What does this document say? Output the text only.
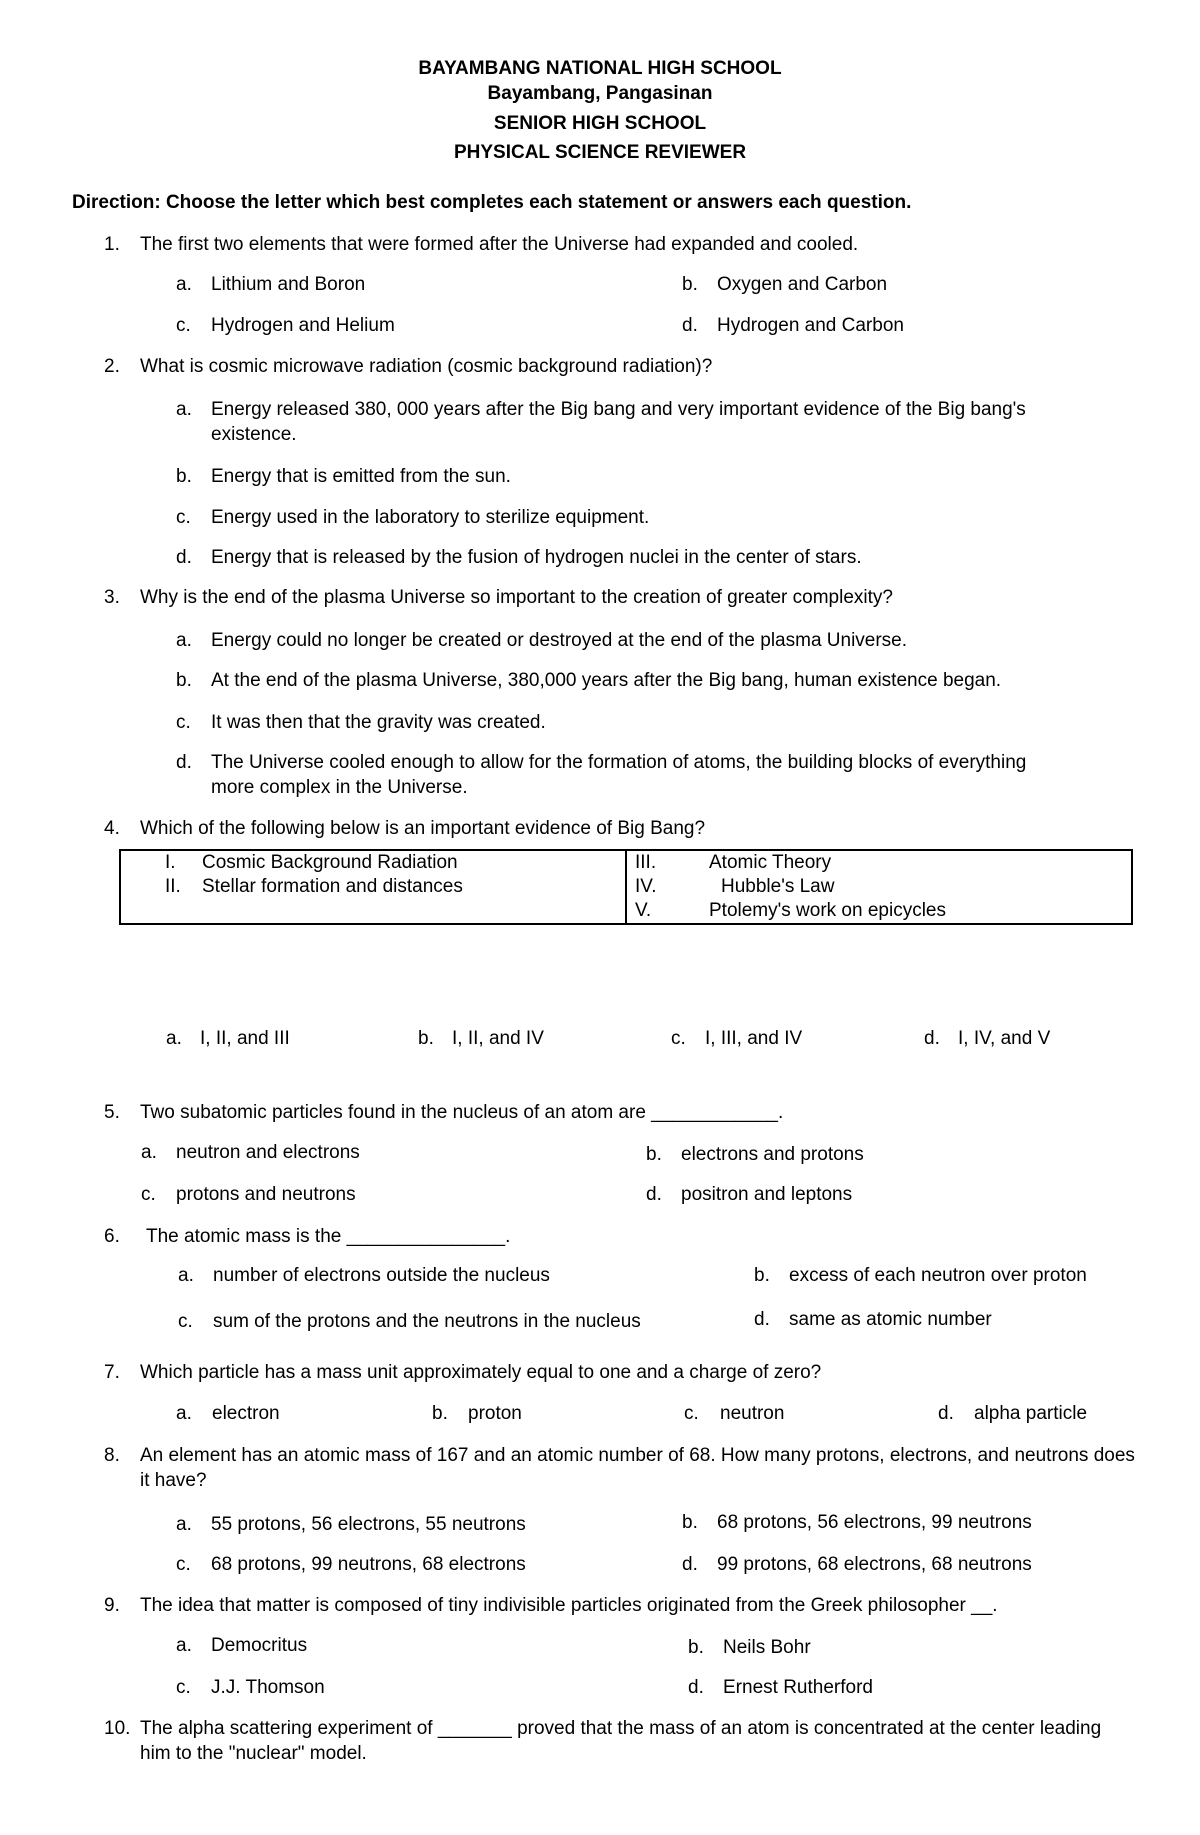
BAYAMBANG NATIONAL HIGH SCHOOL
Bayambang, Pangasinan
SENIOR HIGH SCHOOL
PHYSICAL SCIENCE REVIEWER
Direction: Choose the letter which best completes each statement or answers each question.
1. The first two elements that were formed after the Universe had expanded and cooled.
a. Lithium and Boron	b. Oxygen and Carbon
c. Hydrogen and Helium	d. Hydrogen and Carbon
2. What is cosmic microwave radiation (cosmic background radiation)?
a. Energy released 380, 000 years after the Big bang and very important evidence of the Big bang's existence.
b. Energy that is emitted from the sun.
c. Energy used in the laboratory to sterilize equipment.
d. Energy that is released by the fusion of hydrogen nuclei in the center of stars.
3. Why is the end of the plasma Universe so important to the creation of greater complexity?
a. Energy could no longer be created or destroyed at the end of the plasma Universe.
b. At the end of the plasma Universe, 380,000 years after the Big bang, human existence began.
c. It was then that the gravity was created.
d. The Universe cooled enough to allow for the formation of atoms, the building blocks of everything more complex in the Universe.
4. Which of the following below is an important evidence of Big Bang?
I. Cosmic Background Radiation
II. Stellar formation and distances

III.	Atomic Theory
IV.	Hubble's Law
V.	Ptolemy's work on epicycles
a. I, II, and III	b. I, II, and IV	c. I, III, and IV	d. I, IV, and V
5. Two subatomic particles found in the nucleus of an atom are ____________.
a. neutron and electrons	b. electrons and protons
c. protons and neutrons	d. positron and leptons
6. The atomic mass is the _______________.
a. number of electrons outside the nucleus	b. excess of each neutron over proton
c. sum of the protons and the neutrons in the nucleus	d. same as atomic number
7. Which particle has a mass unit approximately equal to one and a charge of zero?
a. electron	b. proton	c. neutron	d. alpha particle
8. An element has an atomic mass of 167 and an atomic number of 68. How many protons, electrons, and neutrons does it have?
a. 55 protons, 56 electrons, 55 neutrons	b. 68 protons, 56 electrons, 99 neutrons
c. 68 protons, 99 neutrons, 68 electrons	d. 99 protons, 68 electrons, 68 neutrons
9. The idea that matter is composed of tiny indivisible particles originated from the Greek philosopher __.
a. Democritus	b. Neils Bohr
c. J.J. Thomson	d. Ernest Rutherford
10. The alpha scattering experiment of _______ proved that the mass of an atom is concentrated at the center leading him to the "nuclear" model.
